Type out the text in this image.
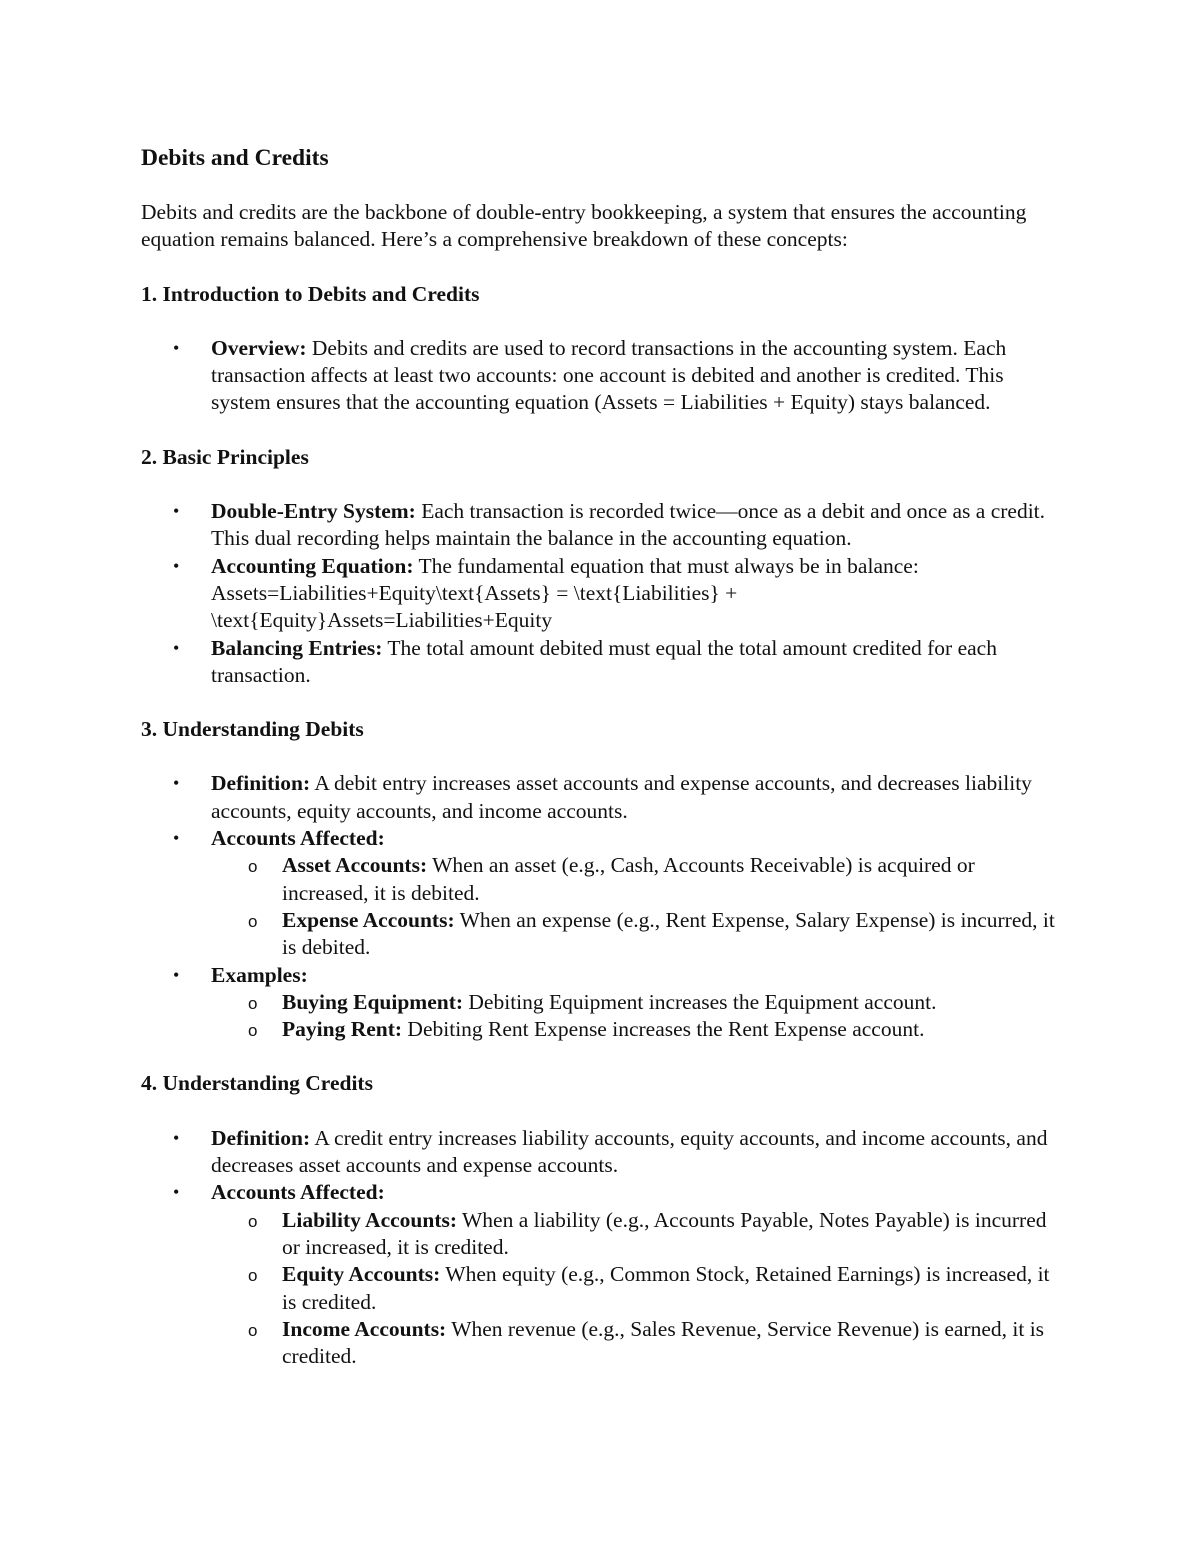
Debits and Credits
Debits and credits are the backbone of double-entry bookkeeping, a system that ensures the accounting equation remains balanced. Here’s a comprehensive breakdown of these concepts:
1. Introduction to Debits and Credits
• Overview: Debits and credits are used to record transactions in the accounting system. Each transaction affects at least two accounts: one account is debited and another is credited. This system ensures that the accounting equation (Assets = Liabilities + Equity) stays balanced.
2. Basic Principles
• Double-Entry System: Each transaction is recorded twice—once as a debit and once as a credit. This dual recording helps maintain the balance in the accounting equation.
• Accounting Equation: The fundamental equation that must always be in balance: Assets=Liabilities+Equity\text{Assets} = \text{Liabilities} + \text{Equity}Assets=Liabilities+Equity
• Balancing Entries: The total amount debited must equal the total amount credited for each transaction.
3. Understanding Debits
• Definition: A debit entry increases asset accounts and expense accounts, and decreases liability accounts, equity accounts, and income accounts.
• Accounts Affected:
o Asset Accounts: When an asset (e.g., Cash, Accounts Receivable) is acquired or increased, it is debited.
o Expense Accounts: When an expense (e.g., Rent Expense, Salary Expense) is incurred, it is debited.
• Examples:
o Buying Equipment: Debiting Equipment increases the Equipment account.
o Paying Rent: Debiting Rent Expense increases the Rent Expense account.
4. Understanding Credits
• Definition: A credit entry increases liability accounts, equity accounts, and income accounts, and decreases asset accounts and expense accounts.
• Accounts Affected:
o Liability Accounts: When a liability (e.g., Accounts Payable, Notes Payable) is incurred or increased, it is credited.
o Equity Accounts: When equity (e.g., Common Stock, Retained Earnings) is increased, it is credited.
o Income Accounts: When revenue (e.g., Sales Revenue, Service Revenue) is earned, it is credited.
